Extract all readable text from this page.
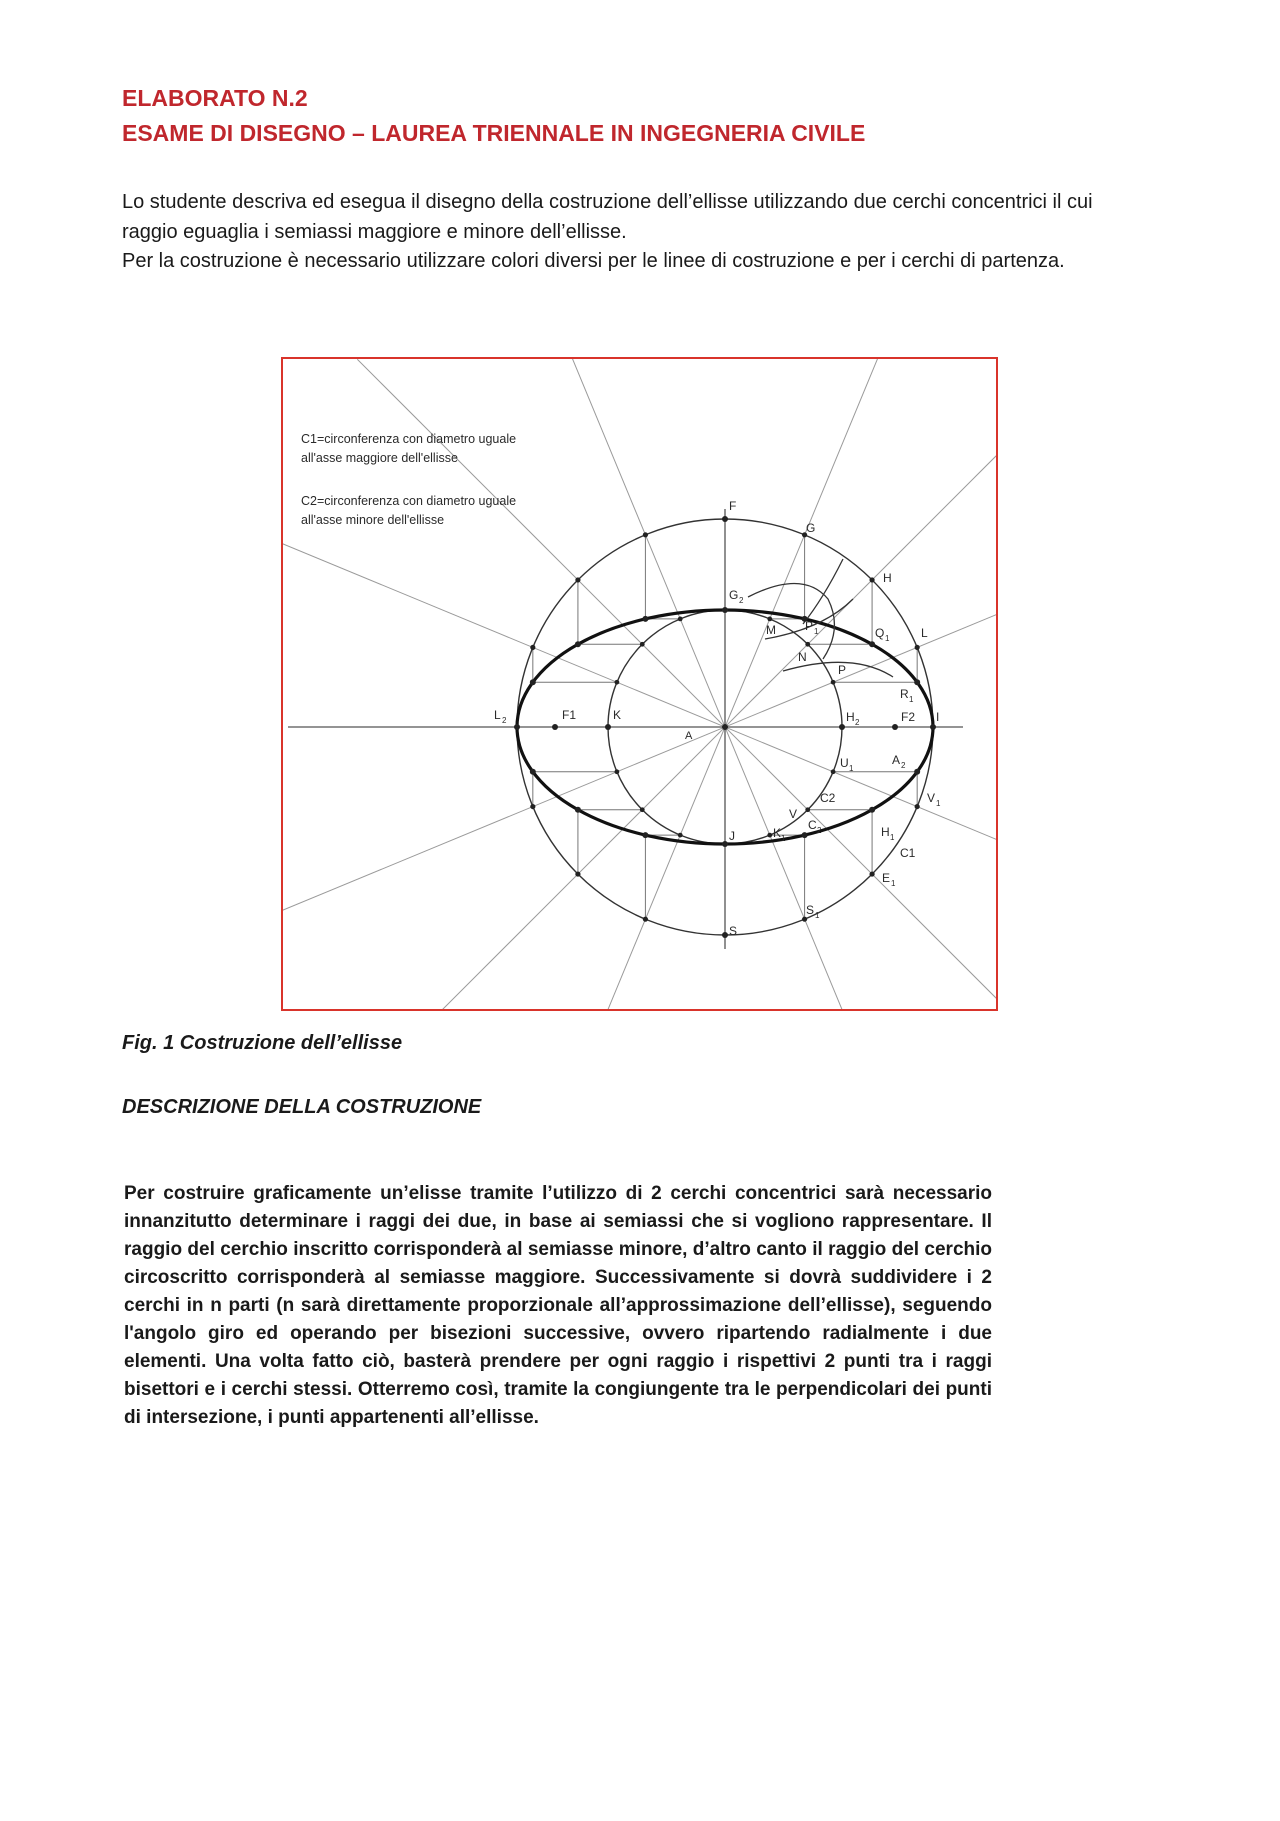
ELABORATO N.2
ESAME DI DISEGNO – LAUREA TRIENNALE IN INGEGNERIA CIVILE

Lo studente descriva ed esegua il disegno della costruzione dell’ellisse utilizzando due cerchi concentrici il cui raggio eguaglia i semiassi maggiore e minore dell’ellisse.

Per la costruzione è necessario utilizzare colori diversi per le linee di costruzione e per i cerchi di partenza.

C1=circonferenza con diametro uguale
all'asse maggiore dell'ellisse
C2=circonferenza con diametro uguale
all'asse minore dell'ellisse
F
G
H
G 2
M P 1	Q 1	L
N
P
R 1
L 2	F1	K
A
H 2	F2 I
U 1
A 2
C2	V 1
V
J	K 1
C 2	H 1
C1
E 1
S
S 1

Fig. 1 Costruzione dell’ellisse

DESCRIZIONE DELLA COSTRUZIONE

Per costruire graficamente un’elisse tramite l’utilizzo di 2 cerchi concentrici sarà necessario innanzitutto determinare i raggi dei due, in base ai semiassi che si vogliono rappresentare. Il raggio del cerchio inscritto corrisponderà al semiasse minore, d’altro canto il raggio del cerchio circoscritto corrisponderà al semiasse maggiore. Successivamente si dovrà suddividere i 2 cerchi in n parti (n sarà direttamente proporzionale all’approssimazione dell’ellisse), seguendo l'angolo giro ed operando per bisezioni successive, ovvero ripartendo radialmente i due elementi. Una volta fatto ciò, basterà prendere per ogni raggio i rispettivi 2 punti tra i raggi bisettori e i cerchi stessi. Otterremo così, tramite la congiungente tra le perpendicolari dei punti di intersezione, i punti appartenenti all’ellisse.
